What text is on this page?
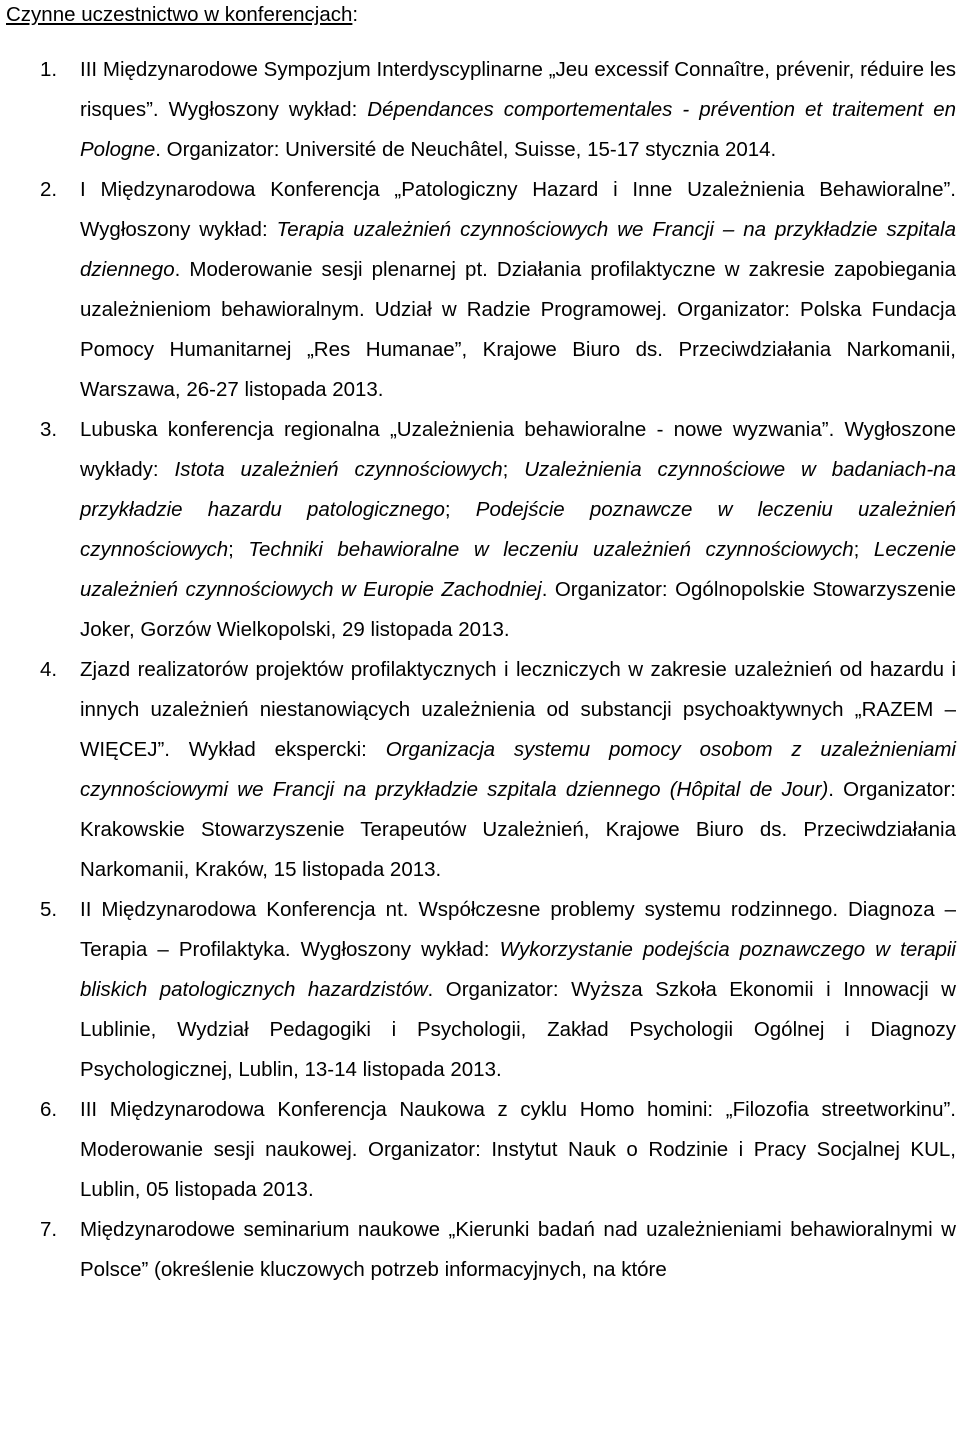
Czynne uczestnictwo w konferencjach:
1. III Międzynarodowe Sympozjum Interdyscyplinarne „Jeu excessif Connaître, prévenir, réduire les risques”. Wygłoszony wykład: Dépendances comportementales - prévention et traitement en Pologne. Organizator: Université de Neuchâtel, Suisse, 15-17 stycznia 2014.
2. I Międzynarodowa Konferencja „Patologiczny Hazard i Inne Uzależnienia Behawioralne”. Wygłoszony wykład: Terapia uzależnień czynnościowych we Francji – na przykładzie szpitala dziennego. Moderowanie sesji plenarnej pt. Działania profilaktyczne w zakresie zapobiegania uzależnieniom behawioralnym. Udział w Radzie Programowej. Organizator: Polska Fundacja Pomocy Humanitarnej „Res Humanae”, Krajowe Biuro ds. Przeciwdziałania Narkomanii, Warszawa, 26-27 listopada 2013.
3. Lubuska konferencja regionalna „Uzależnienia behawioralne - nowe wyzwania”. Wygłoszone wykłady: Istota uzależnień czynnościowych; Uzależnienia czynnościowe w badaniach-na przykładzie hazardu patologicznego; Podejście poznawcze w leczeniu uzależnień czynnościowych; Techniki behawioralne w leczeniu uzależnień czynnościowych; Leczenie uzależnień czynnościowych w Europie Zachodniej. Organizator: Ogólnopolskie Stowarzyszenie Joker, Gorzów Wielkopolski, 29 listopada 2013.
4. Zjazd realizatorów projektów profilaktycznych i leczniczych w zakresie uzależnień od hazardu i innych uzależnień niestanowiących uzależnienia od substancji psychoaktywnych „RAZEM – WIĘCEJ”. Wykład ekspercki: Organizacja systemu pomocy osobom z uzależnieniami czynnościowymi we Francji na przykładzie szpitala dziennego (Hôpital de Jour). Organizator: Krakowskie Stowarzyszenie Terapeutów Uzależnień, Krajowe Biuro ds. Przeciwdziałania Narkomanii, Kraków, 15 listopada 2013.
5. II Międzynarodowa Konferencja nt. Współczesne problemy systemu rodzinnego. Diagnoza – Terapia – Profilaktyka. Wygłoszony wykład: Wykorzystanie podejścia poznawczego w terapii bliskich patologicznych hazardzistów. Organizator: Wyższa Szkoła Ekonomii i Innowacji w Lublinie, Wydział Pedagogiki i Psychologii, Zakład Psychologii Ogólnej i Diagnozy Psychologicznej, Lublin, 13-14 listopada 2013.
6. III Międzynarodowa Konferencja Naukowa z cyklu Homo homini: „Filozofia streetworkinu”. Moderowanie sesji naukowej. Organizator: Instytut Nauk o Rodzinie i Pracy Socjalnej KUL, Lublin, 05 listopada 2013.
7. Międzynarodowe seminarium naukowe „Kierunki badań nad uzależnieniami behawioralnymi w Polsce” (określenie kluczowych potrzeb informacyjnych, na które
